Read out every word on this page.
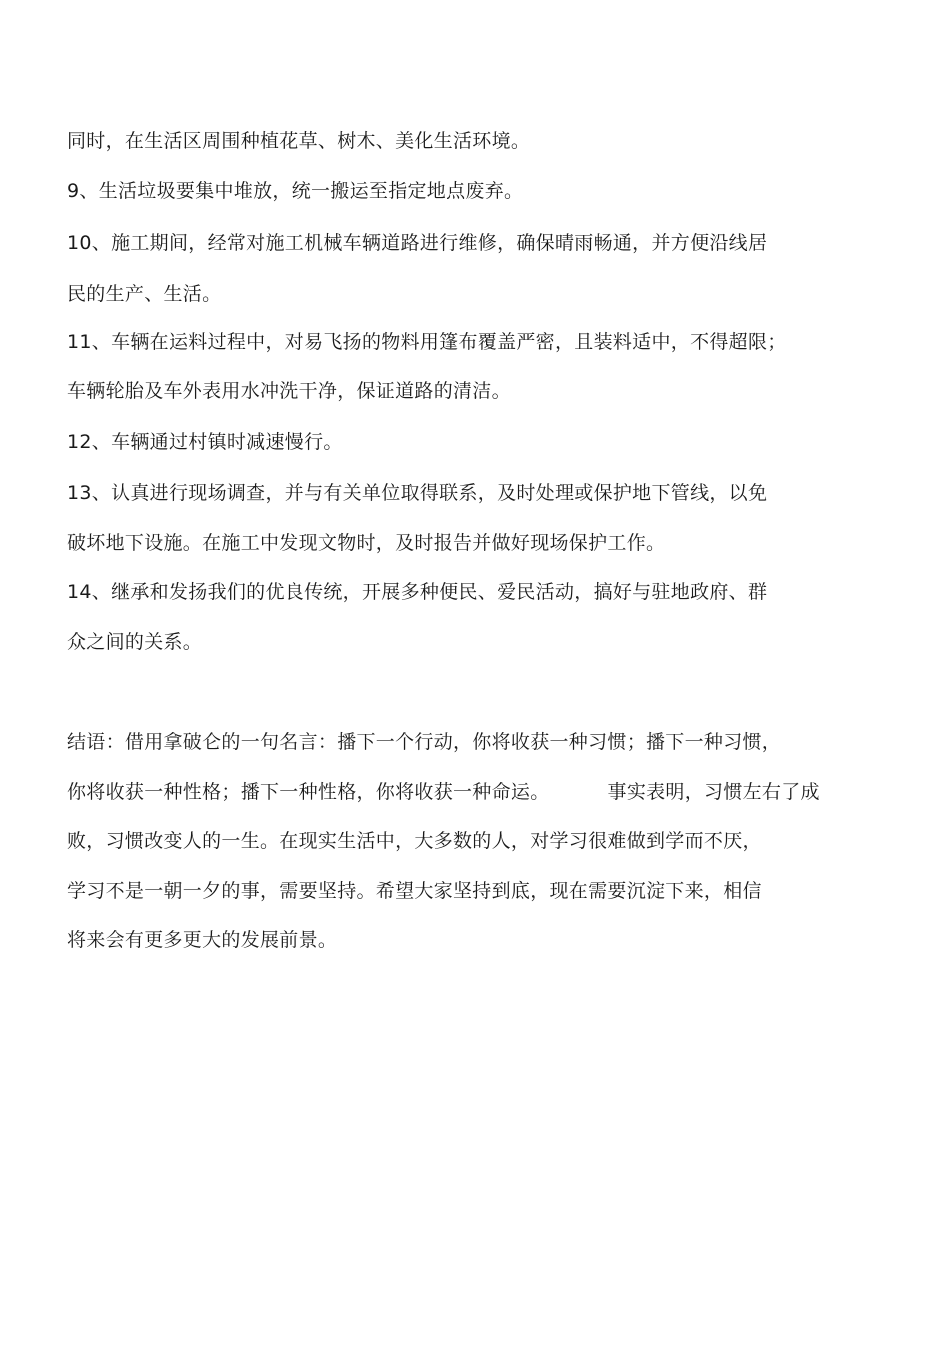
同时，在生活区周围种植花草、树木、美化生活环境。
9、生活垃圾要集中堆放，统一搬运至指定地点废弃。
10、施工期间，经常对施工机械车辆道路进行维修，确保晴雨畅通，并方便沿线居
民的生产、生活。
11、车辆在运料过程中，对易飞扬的物料用篷布覆盖严密，且装料适中，不得超限；
车辆轮胎及车外表用水冲洗干净，保证道路的清洁。
12、车辆通过村镇时减速慢行。
13、认真进行现场调查，并与有关单位取得联系，及时处理或保护地下管线，以免
破坏地下设施。在施工中发现文物时，及时报告并做好现场保护工作。
14、继承和发扬我们的优良传统，开展多种便民、爱民活动，搞好与驻地政府、群
众之间的关系。
结语：借用拿破仑的一句名言：播下一个行动，你将收获一种习惯；播下一种习惯，
你将收获一种性格；播下一种性格，你将收获一种命运。	事实表明，习惯左右了成
败，习惯改变人的一生。在现实生活中，大多数的人，对学习很难做到学而不厌，
学习不是一朝一夕的事，需要坚持。希望大家坚持到底，现在需要沉淀下来，相信
将来会有更多更大的发展前景。
